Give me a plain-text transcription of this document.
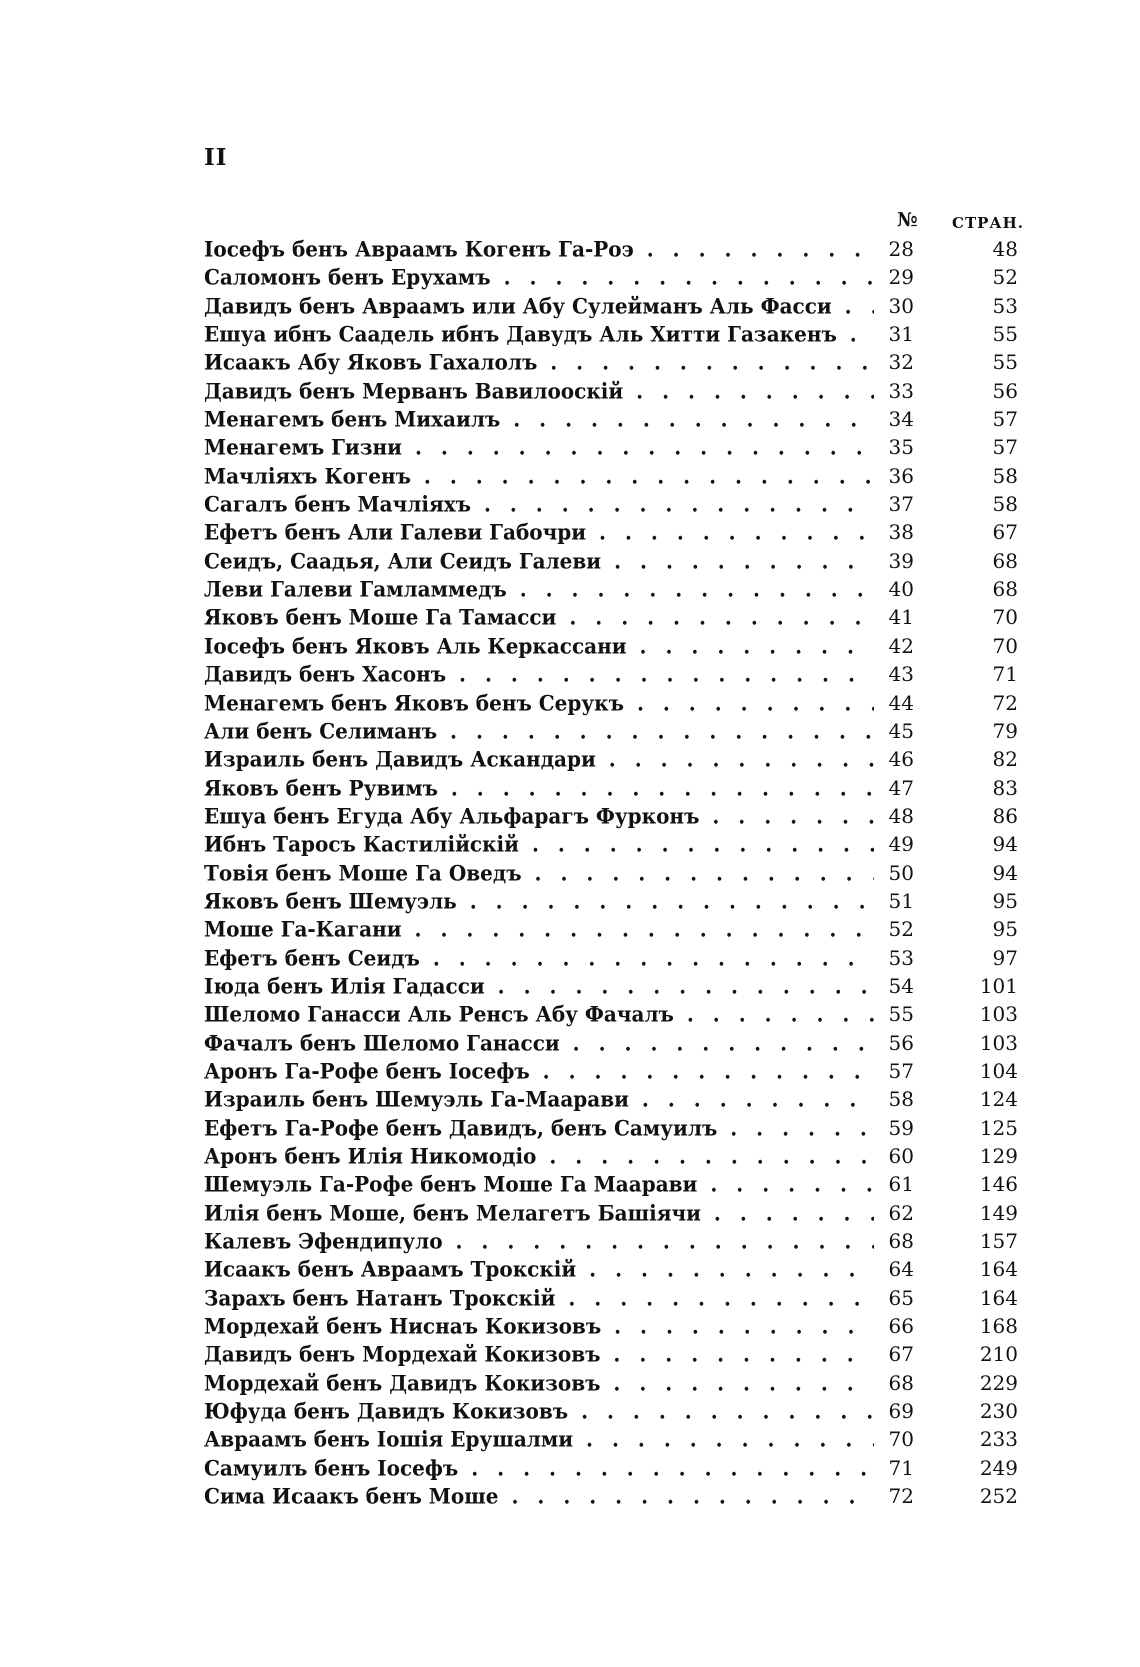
II
№ СТРАН.
Іосефъ бенъ Авраамъ Когенъ Га-Роэ . . .	28	48
Саломонъ бенъ Ерухамъ . . .	29	52
Давидъ бенъ Авраамъ или Абу Сулейманъ Аль Фасси . . .	30	53
Ешуа ибнъ Саадель ибнъ Давудъ Аль Хитти Газакенъ . . .	31	55
Исаакъ Абу Яковъ Гахалолъ . . .	32	55
Давидъ бенъ Мерванъ Вавилооскій . . .	33	56
Менагемъ бенъ Михаилъ . . .	34	57
Менагемъ Гизни . . .	35	57
Мачліяхъ Когенъ . . .	36	58
Сагалъ бенъ Мачліяхъ . . .	37	58
Ефетъ бенъ Али Галеви Габочри . . .	38	67
Сеидъ, Саадья, Али Сеидъ Галеви . . .	39	68
Леви Галеви Гамламмедъ . . .	40	68
Яковъ бенъ Моше Га Тамасси . . .	41	70
Іосефъ бенъ Яковъ Аль Керкассани . . .	42	70
Давидъ бенъ Хасонъ . . .	43	71
Менагемъ бенъ Яковъ бенъ Серукъ . . .	44	72
Али бенъ Селиманъ . . .	45	79
Израиль бенъ Давидъ Аскандари . . .	46	82
Яковъ бенъ Рувимъ . . .	47	83
Ешуа бенъ Егуда Абу Альфарагъ Фурконъ . . .	48	86
Ибнъ Таросъ Кастилійскій . . .	49	94
Товія бенъ Моше Га Оведъ . . .	50	94
Яковъ бенъ Шемуэль . . .	51	95
Моше Га-Кагани . . .	52	95
Ефетъ бенъ Сеидъ . . .	53	97
Іюда бенъ Илія Гадасси . . .	54	101
Шеломо Ганасси Аль Ренсъ Абу Фачалъ . . .	55	103
Фачалъ бенъ Шеломо Ганасси . . .	56	103
Аронъ Га-Рофе бенъ Іосефъ . . .	57	104
Израиль бенъ Шемуэль Га-Маарави . . .	58	124
Ефетъ Га-Рофе бенъ Давидъ, бенъ Самуилъ . . .	59	125
Аронъ бенъ Илія Никомодіо . . .	60	129
Шемуэль Га-Рофе бенъ Моше Га Маарави . . .	61	146
Илія бенъ Моше, бенъ Мелагетъ Башіячи . . .	62	149
Калевъ Эфендипуло . . .	68	157
Исаакъ бенъ Авраамъ Трокскій . . .	64	164
Зарахъ бенъ Натанъ Трокскій . . .	65	164
Мордехай бенъ Ниснаъ Кокизовъ . . .	66	168
Давидъ бенъ Мордехай Кокизовъ . . .	67	210
Мордехай бенъ Давидъ Кокизовъ . . .	68	229
Юфуда бенъ Давидъ Кокизовъ . . .	69	230
Авраамъ бенъ Іошія Ерушалми . . .	70	233
Самуилъ бенъ Іосефъ . . .	71	249
Сима Исаакъ бенъ Моше . . .	72	252
